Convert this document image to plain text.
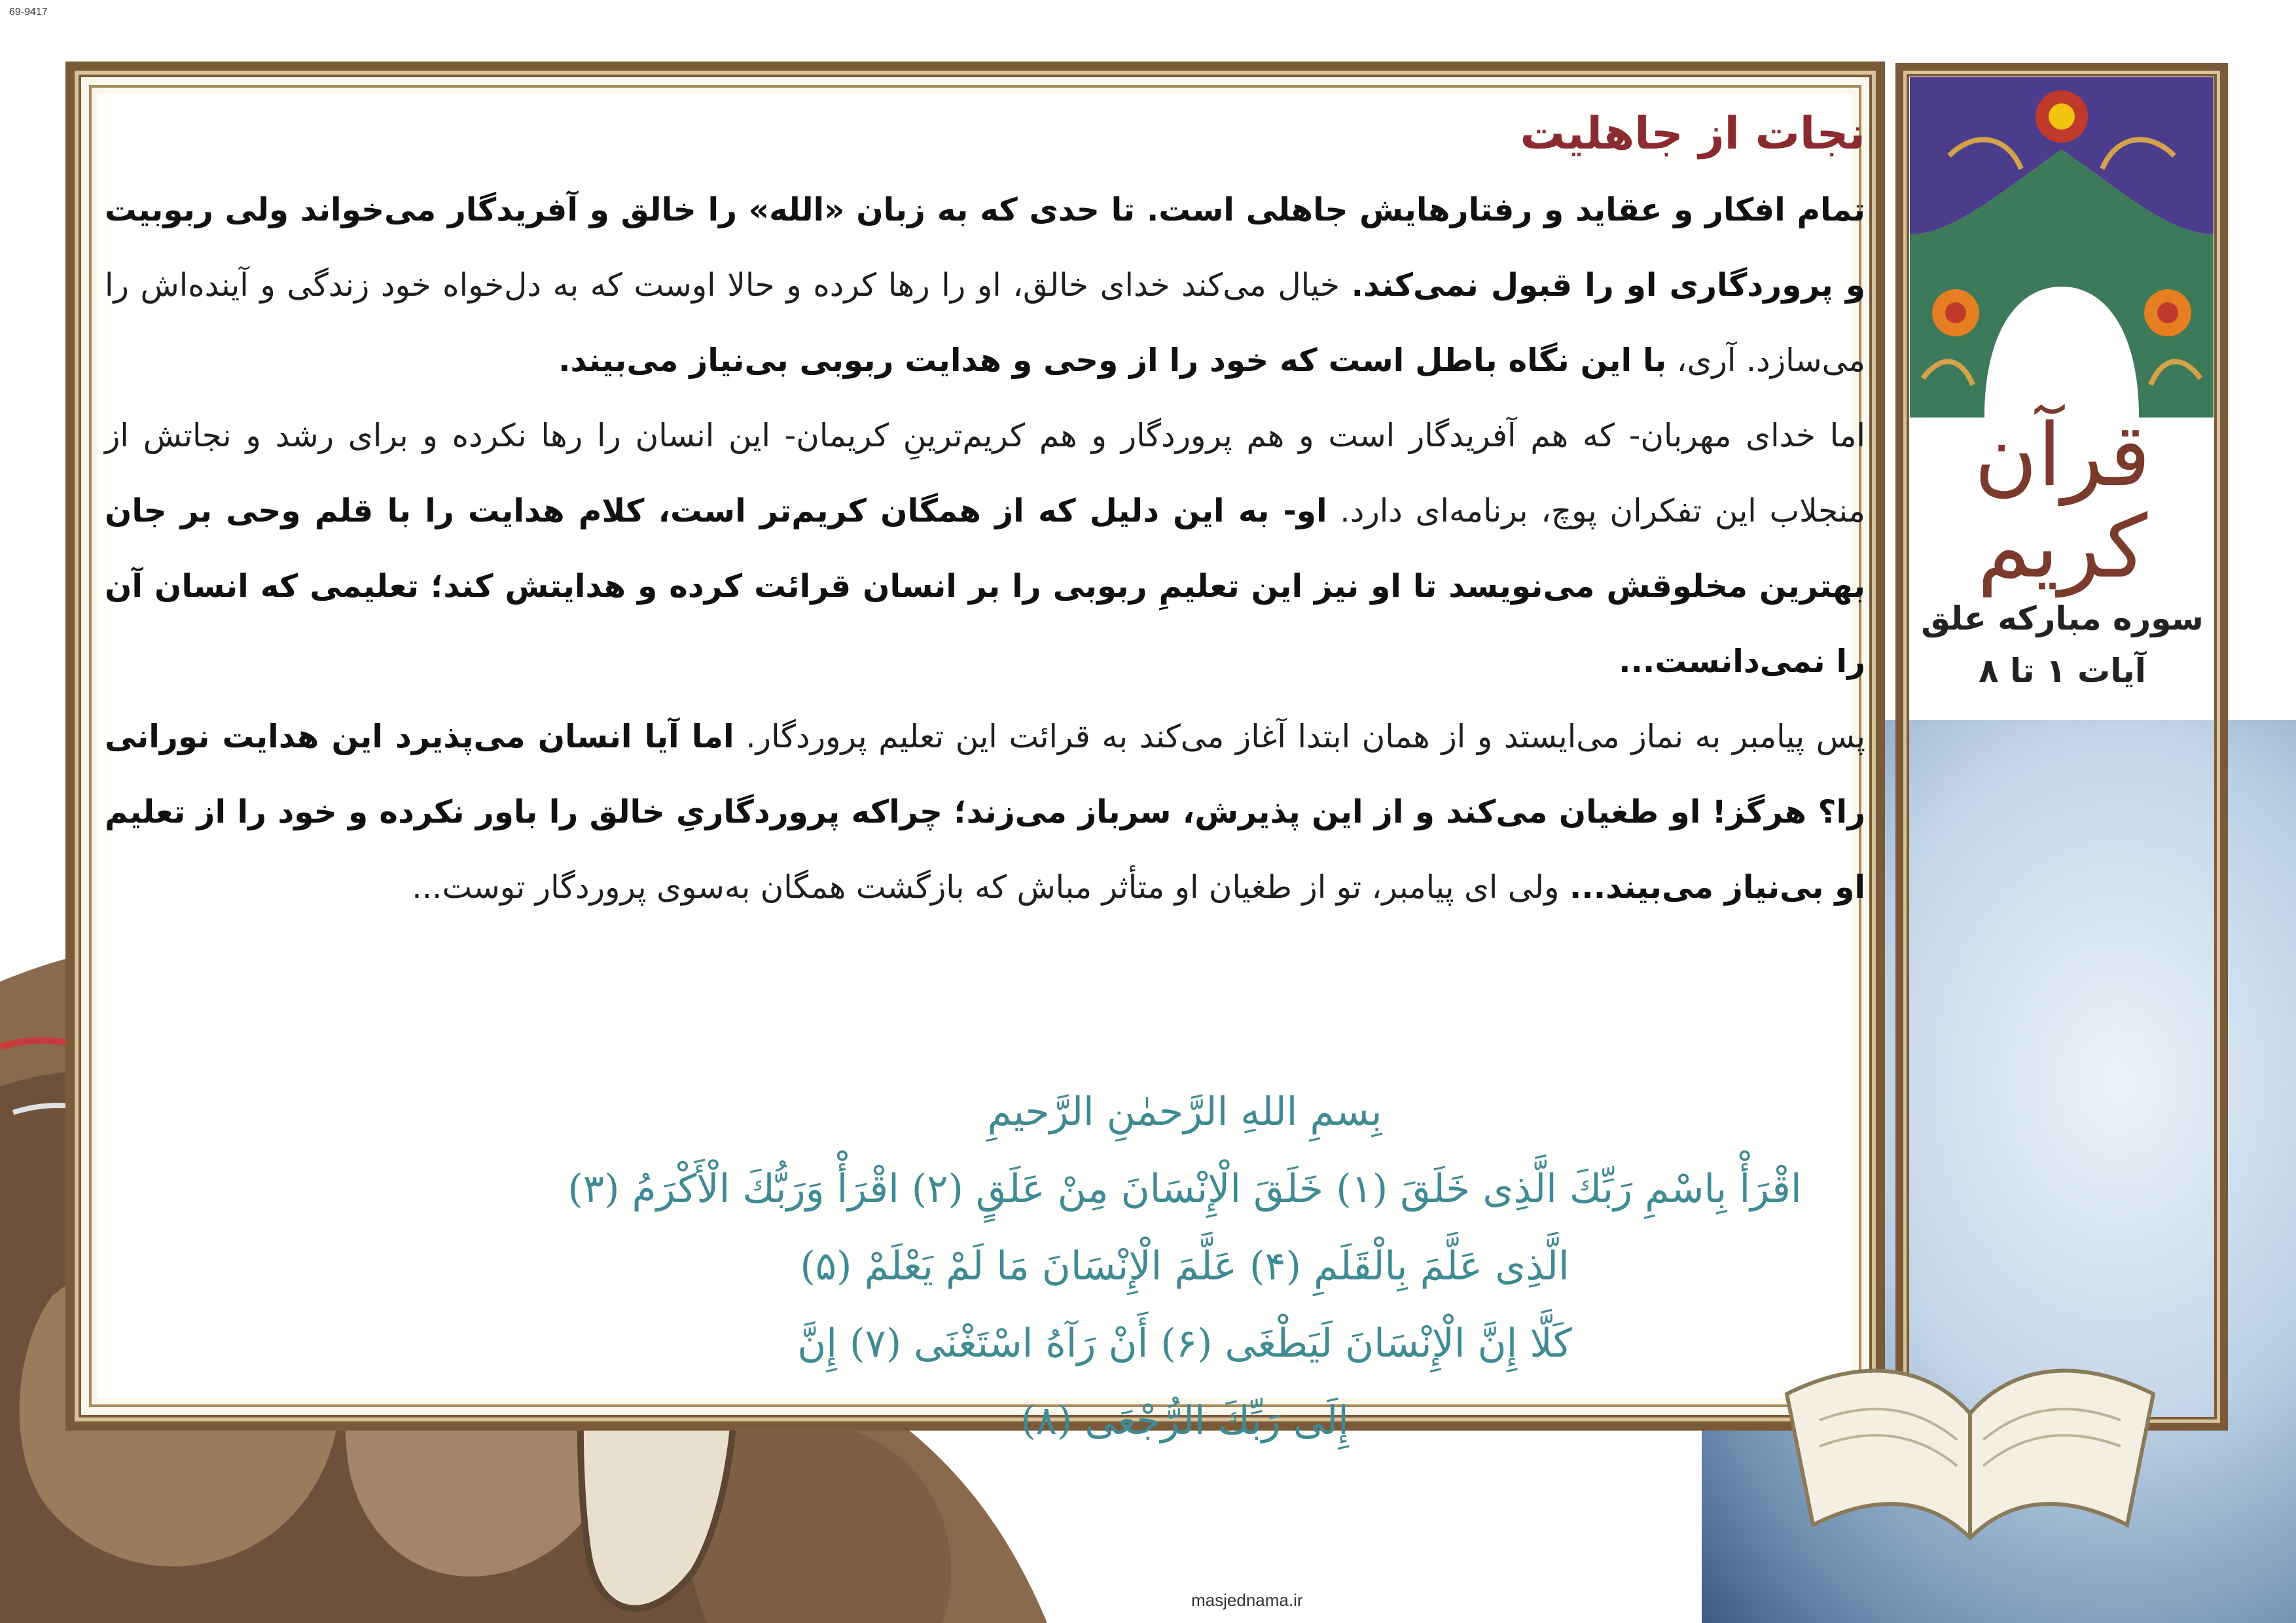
69-9417
نجات از جاهلیت

تمام افکار و عقاید و رفتارهایش جاهلی است. تا حدی که به زبان «الله» را خالق و آفریدگار می‌خواند ولی ربوبیت و پروردگاری او را قبول نمی‌کند. خیال می‌کند خدای خالق، او را رها کرده و حالا اوست که به دل‌خواه خود زندگی و آینده‌اش را می‌سازد. آری، با این نگاه باطل است که خود را از وحی و هدایت ربوبی بی‌نیاز می‌بیند.

اما خدای مهربان- که هم آفریدگار است و هم پروردگار و هم کریم‌ترینِ کریمان- این انسان را رها نکرده و برای رشد و نجاتش از منجلاب این تفکران پوچ، برنامه‌ای دارد. او- به این دلیل که از همگان کریم‌تر است، کلام هدایت را با قلم وحی بر جان بهترین مخلوقش می‌نویسد تا او نیز این تعلیمِ ربوبی را بر انسان قرائت کرده و هدایتش کند؛ تعلیمی که انسان آن را نمی‌دانست...

پس پیامبر به نماز می‌ایستد و از همان ابتدا آغاز می‌کند به قرائت این تعلیم پروردگار. اما آیا انسان می‌پذیرد این هدایت نورانی را؟ هرگز! او طغیان می‌کند و از این پذیرش، سرباز می‌زند؛ چراکه پروردگاریِ خالق را باور نکرده و خود را از تعلیم او بی‌نیاز می‌بیند... ولی ای پیامبر، تو از طغیان او متأثر مباش که بازگشت همگان به‌سوی پروردگار توست...

بِسمِ اللهِ الرَّحمٰنِ الرَّحیمِ

اقْرَأْ بِاسْمِ رَبِّكَ الَّذِی خَلَقَ (۱) خَلَقَ الْإِنْسَانَ مِنْ عَلَقٍ (۲) اقْرَأْ وَرَبُّكَ الْأَكْرَمُ (۳)

الَّذِی عَلَّمَ بِالْقَلَمِ (۴) عَلَّمَ الْإِنْسَانَ مَا لَمْ يَعْلَمْ (۵)

كَلَّا إِنَّ الْإِنْسَانَ لَيَطْغَى (۶) أَنْ رَآهُ اسْتَغْنَى (۷) إِنَّ

إِلَى رَبِّكَ الرُّجْعَى (۸)

قرآن کریم
سوره مبارکه علق
آیات ۱ تا ۸
masjednama.ir
